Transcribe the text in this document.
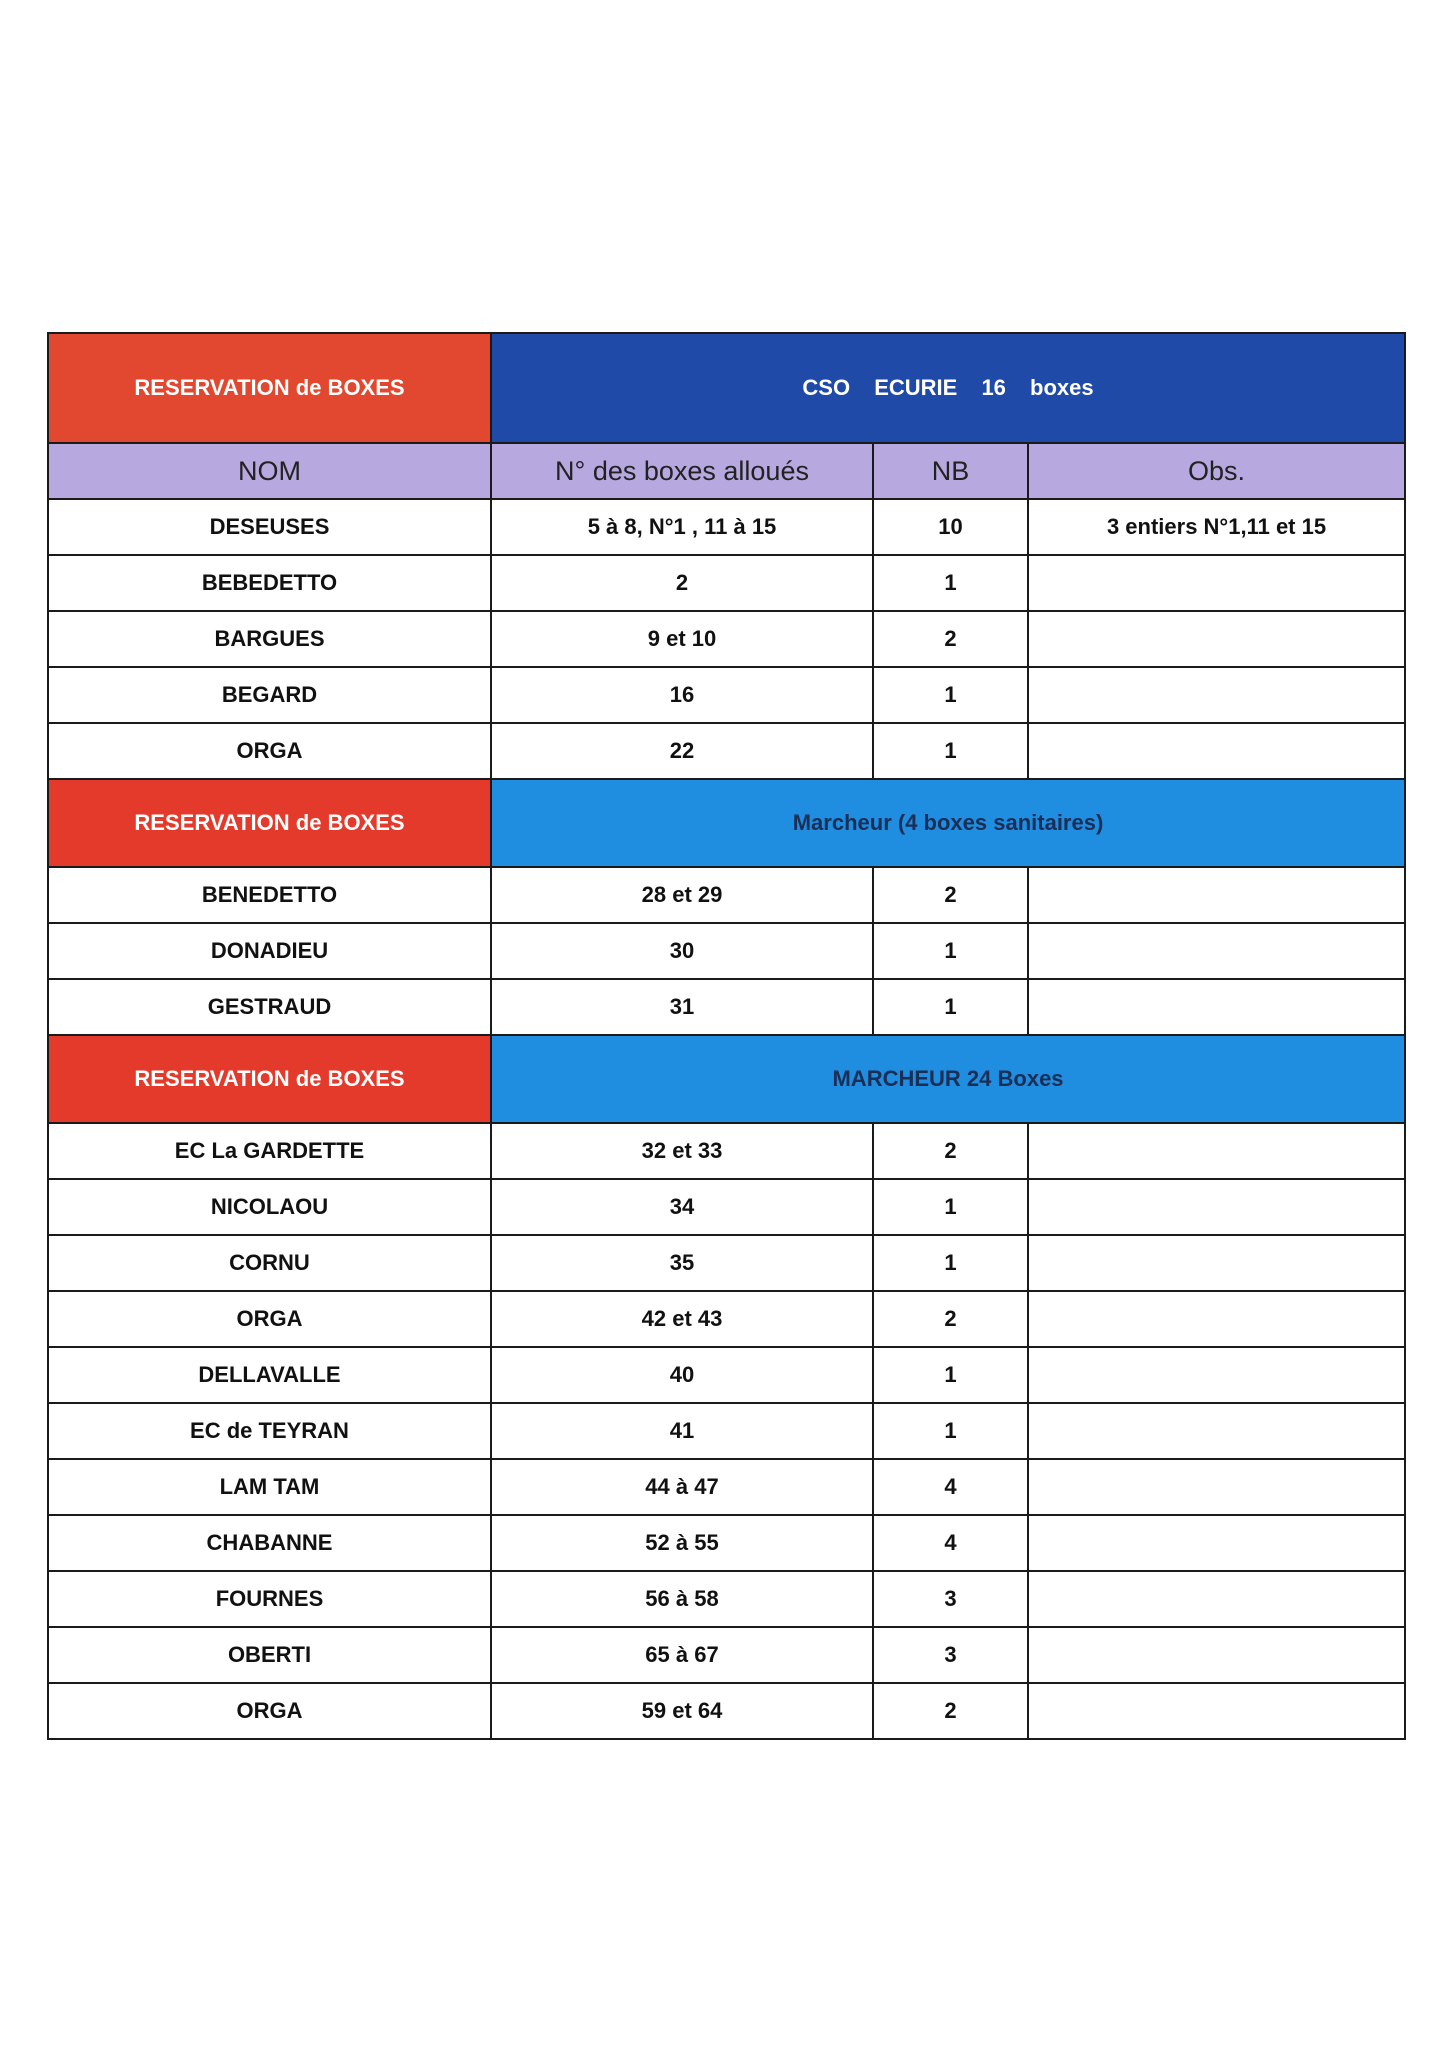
RESERVATION de BOXES	CSO ECURIE 16 boxes		
NOM	N° des boxes alloués	NB	Obs.
DESEUSES	5 à 8, N°1 , 11 à 15	10	3 entiers N°1,11 et 15
BEBEDETTO	2	1	
BARGUES	9 et 10	2	
BEGARD	16	1	
ORGA	22	1	
RESERVATION de BOXES	Marcheur (4 boxes sanitaires)		
BENEDETTO	28 et 29	2	
DONADIEU	30	1	
GESTRAUD	31	1	
RESERVATION de BOXES	MARCHEUR 24 Boxes		
EC La GARDETTE	32 et 33	2	
NICOLAOU	34	1	
CORNU	35	1	
ORGA	42 et 43	2	
DELLAVALLE	40	1	
EC de TEYRAN	41	1	
LAM TAM	44 à 47	4	
CHABANNE	52 à 55	4	
FOURNES	56 à 58	3	
OBERTI	65 à 67	3	
ORGA	59 et 64	2	
